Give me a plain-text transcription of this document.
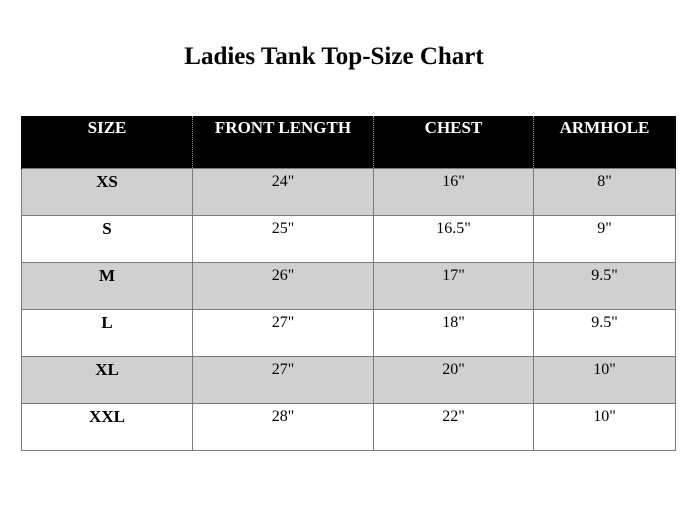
Ladies Tank Top-Size Chart
SIZE	FRONT LENGTH	CHEST	ARMHOLE
XS	24"	16"	8"
S	25"	16.5"	9"
M	26"	17"	9.5"
L	27"	18"	9.5"
XL	27"	20"	10"
XXL	28"	22"	10"
